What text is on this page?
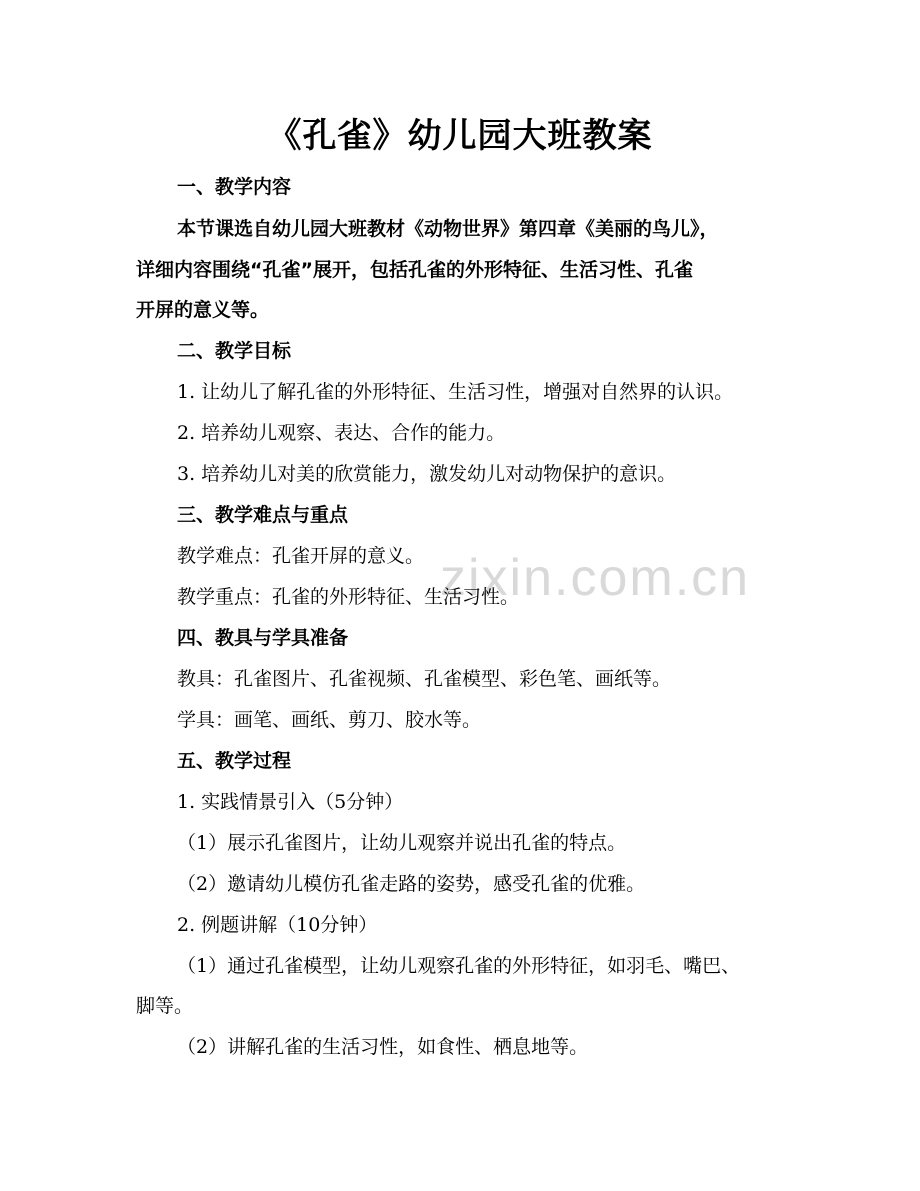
zixin.com.cn
《孔雀》幼儿园大班教案
一、教学内容
本节课选自幼儿园大班教材《动物世界》第四章《美丽的鸟儿》，
详细内容围绕“孔雀”展开，包括孔雀的外形特征、生活习性、孔雀
开屏的意义等。
二、教学目标
1. 让幼儿了解孔雀的外形特征、生活习性，增强对自然界的认识。
2. 培养幼儿观察、表达、合作的能力。
3. 培养幼儿对美的欣赏能力，激发幼儿对动物保护的意识。
三、教学难点与重点
教学难点：孔雀开屏的意义。
教学重点：孔雀的外形特征、生活习性。
四、教具与学具准备
教具：孔雀图片、孔雀视频、孔雀模型、彩色笔、画纸等。
学具：画笔、画纸、剪刀、胶水等。
五、教学过程
1. 实践情景引入（5分钟）
（1）展示孔雀图片，让幼儿观察并说出孔雀的特点。
（2）邀请幼儿模仿孔雀走路的姿势，感受孔雀的优雅。
2. 例题讲解（10分钟）
（1）通过孔雀模型，让幼儿观察孔雀的外形特征，如羽毛、嘴巴、
脚等。
（2）讲解孔雀的生活习性，如食性、栖息地等。
